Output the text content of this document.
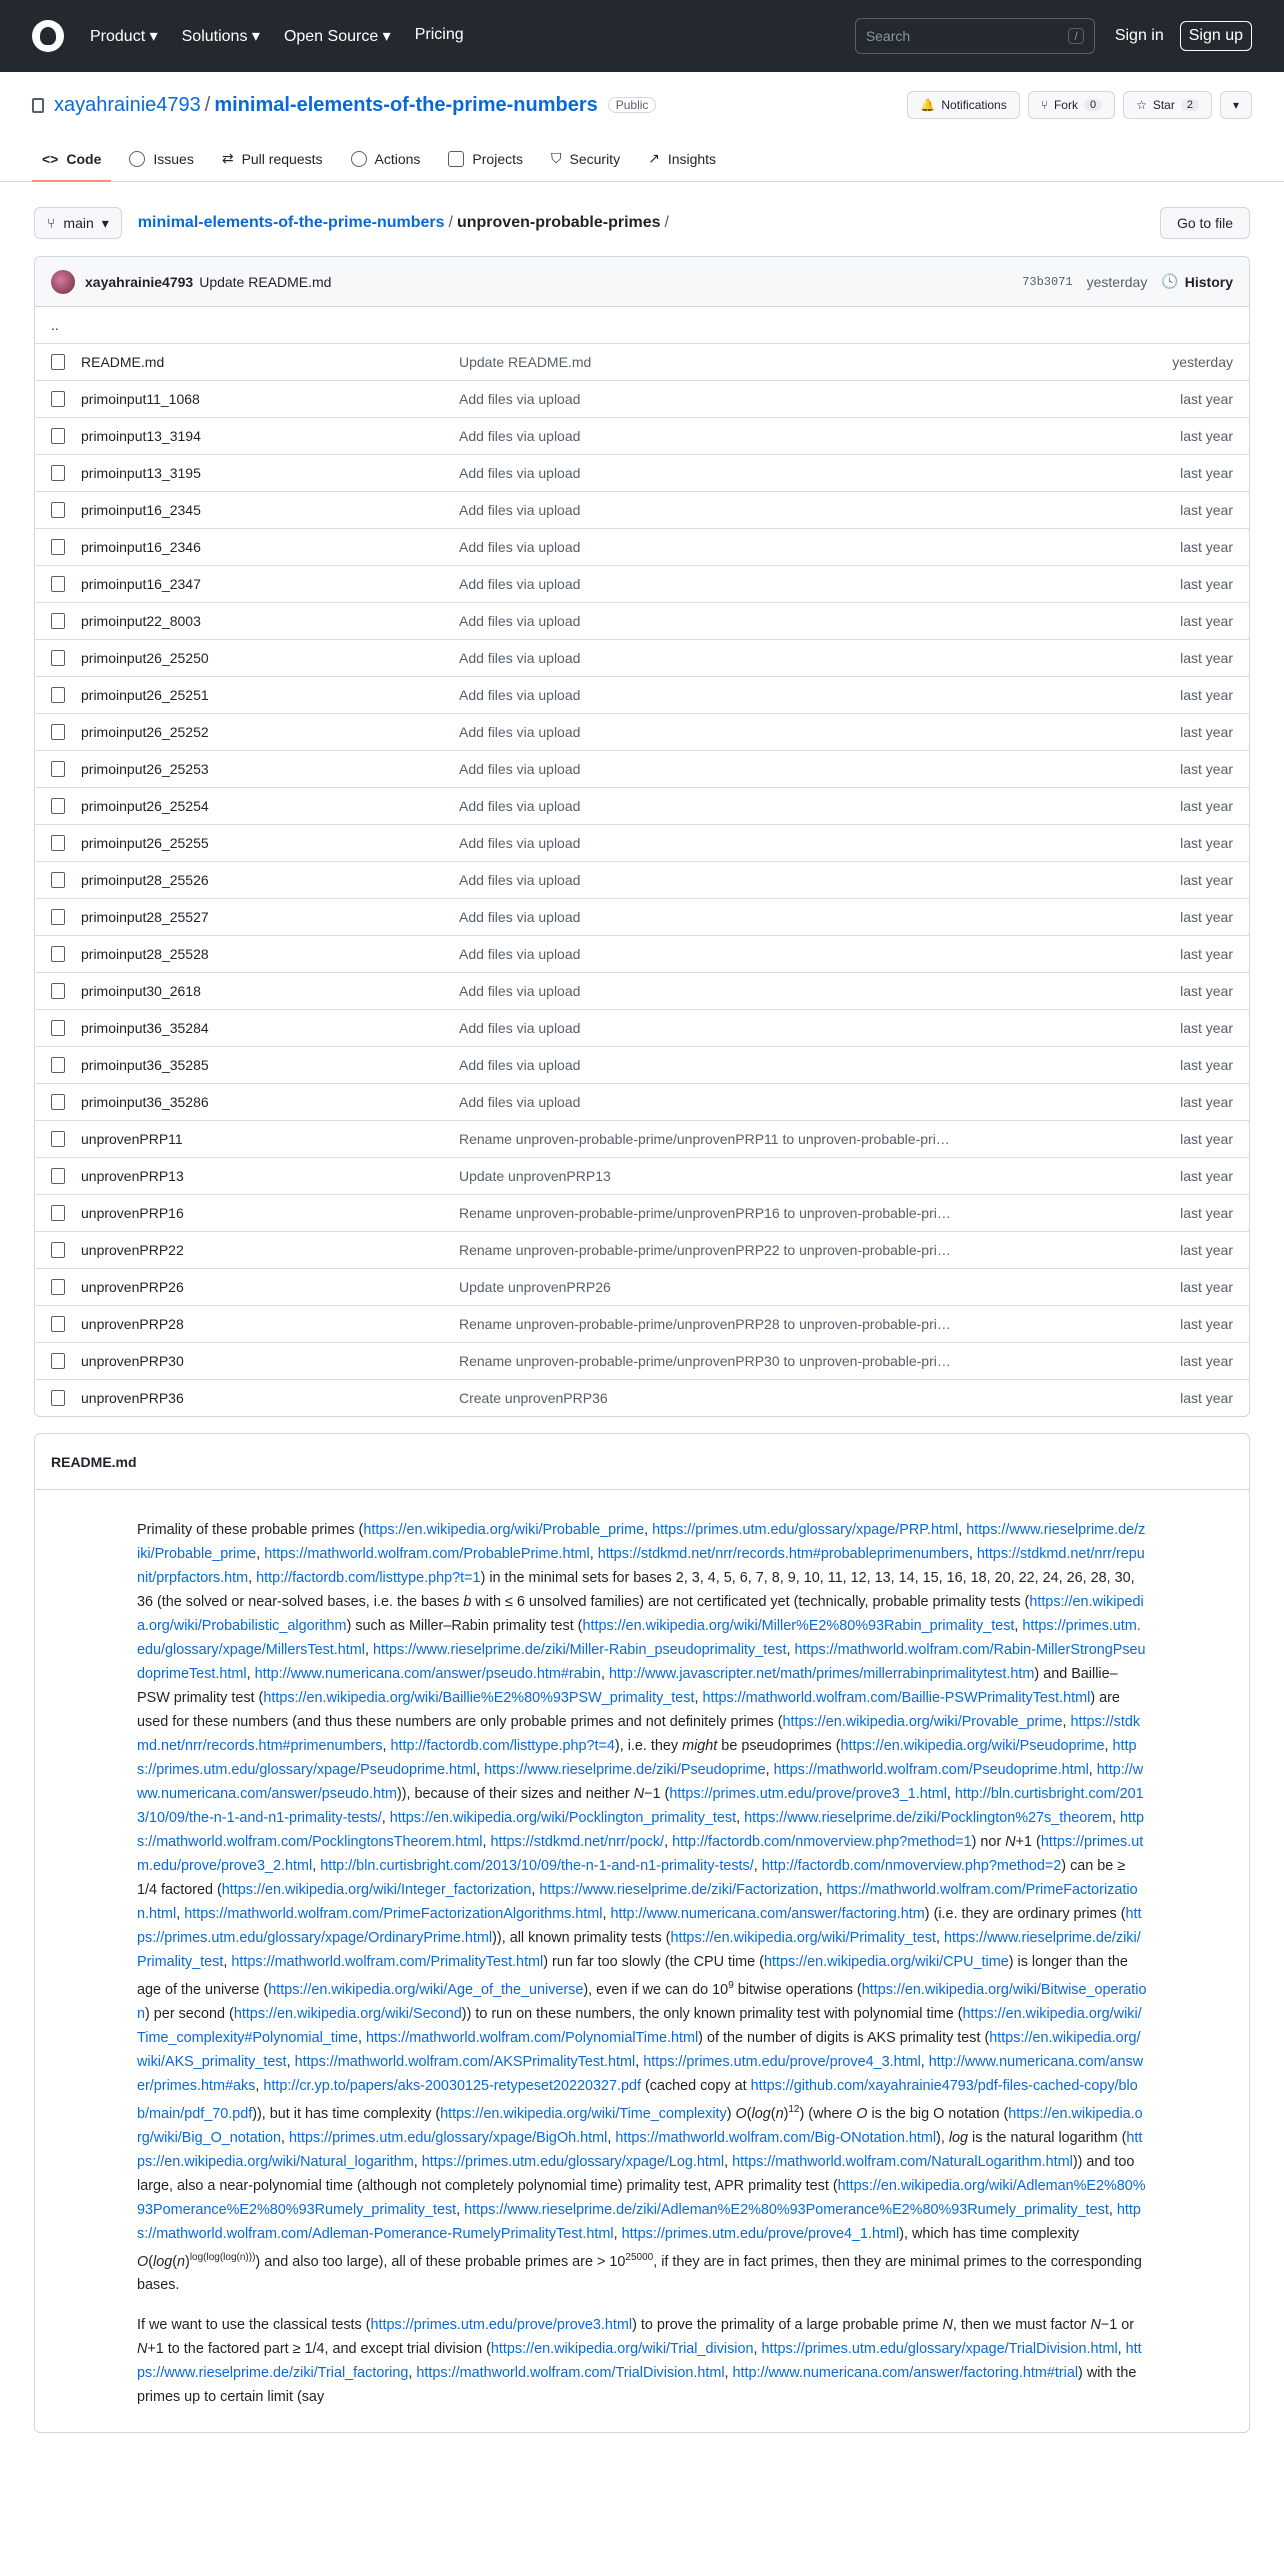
Product ▾ Solutions ▾ Open Source ▾ Pricing	Search	/	Sign in	Sign up
xayahrainie4793 / minimal-elements-of-the-prime-numbers	Public	🔔 Notifications	⑂ Fork	0	☆ Star	2	▾
<> Code	Issues ⇄ Pull requests	Actions	Projects ⛉ Security ↗ Insights
⑂ main ▾ minimal-elements-of-the-prime-numbers / unproven-probable-primes /	Go to file
xayahrainie4793 Update README.md	73b3071 yesterday 🕓 History
..
README.md	Update README.md	yesterday
primoinput11_1068	Add files via upload	last year
primoinput13_3194	Add files via upload	last year
primoinput13_3195	Add files via upload	last year
primoinput16_2345	Add files via upload	last year
primoinput16_2346	Add files via upload	last year
primoinput16_2347	Add files via upload	last year
primoinput22_8003	Add files via upload	last year
primoinput26_25250	Add files via upload	last year
primoinput26_25251	Add files via upload	last year
primoinput26_25252	Add files via upload	last year
primoinput26_25253	Add files via upload	last year
primoinput26_25254	Add files via upload	last year
primoinput26_25255	Add files via upload	last year
primoinput28_25526	Add files via upload	last year
primoinput28_25527	Add files via upload	last year
primoinput28_25528	Add files via upload	last year
primoinput30_2618	Add files via upload	last year
primoinput36_35284	Add files via upload	last year
primoinput36_35285	Add files via upload	last year
primoinput36_35286	Add files via upload	last year
unprovenPRP11	Rename unproven-probable-prime/unprovenPRP11 to unproven-probable-pri…	last year
unprovenPRP13	Update unprovenPRP13	last year
unprovenPRP16	Rename unproven-probable-prime/unprovenPRP16 to unproven-probable-pri…	last year
unprovenPRP22	Rename unproven-probable-prime/unprovenPRP22 to unproven-probable-pri…	last year
unprovenPRP26	Update unprovenPRP26	last year
unprovenPRP28	Rename unproven-probable-prime/unprovenPRP28 to unproven-probable-pri…	last year
unprovenPRP30	Rename unproven-probable-prime/unprovenPRP30 to unproven-probable-pri…	last year
unprovenPRP36	Create unprovenPRP36	last year
README.md

Primality of these probable primes (https://en.wikipedia.org/wiki/Probable_prime, https://primes.utm.edu/glossary/xpage/PRP.html, https://www.rieselprime.de/ziki/Probable_prime, https://mathworld.wolfram.com/ProbablePrime.html, https://stdkmd.net/nrr/records.htm#probableprimenumbers, https://stdkmd.net/nrr/repunit/prpfactors.htm, http://factordb.com/listtype.php?t=1) in the minimal sets for bases 2, 3, 4, 5, 6, 7, 8, 9, 10, 11, 12, 13, 14, 15, 16, 18, 20, 22, 24, 26, 28, 30, 36 (the solved or near-solved bases, i.e. the bases b with ≤ 6 unsolved families) are not certificated yet (technically, probable primality tests (https://en.wikipedia.org/wiki/Probabilistic_algorithm) such as Miller–Rabin primality test (https://en.wikipedia.org/wiki/Miller%E2%80%93Rabin_primality_test, https://primes.utm.edu/glossary/xpage/MillersTest.html, https://www.rieselprime.de/ziki/Miller-Rabin_pseudoprimality_test, https://mathworld.wolfram.com/Rabin-MillerStrongPseudoprimeTest.html, http://www.numericana.com/answer/pseudo.htm#rabin, http://www.javascripter.net/math/primes/millerrabinprimalitytest.htm) and Baillie–PSW primality test (https://en.wikipedia.org/wiki/Baillie%E2%80%93PSW_primality_test, https://mathworld.wolfram.com/Baillie-PSWPrimalityTest.html) are used for these numbers (and thus these numbers are only probable primes and not definitely primes (https://en.wikipedia.org/wiki/Provable_prime, https://stdkmd.net/nrr/records.htm#primenumbers, http://factordb.com/listtype.php?t=4), i.e. they might be pseudoprimes (https://en.wikipedia.org/wiki/Pseudoprime, https://primes.utm.edu/glossary/xpage/Pseudoprime.html, https://www.rieselprime.de/ziki/Pseudoprime, https://mathworld.wolfram.com/Pseudoprime.html, http://www.numericana.com/answer/pseudo.htm)), because of their sizes and neither N−1 (https://primes.utm.edu/prove/prove3_1.html, http://bln.curtisbright.com/2013/10/09/the-n-1-and-n1-primality-tests/, https://en.wikipedia.org/wiki/Pocklington_primality_test, https://www.rieselprime.de/ziki/Pocklington%27s_theorem, https://mathworld.wolfram.com/PocklingtonsTheorem.html, https://stdkmd.net/nrr/pock/, http://factordb.com/nmoverview.php?method=1) nor N+1 (https://primes.utm.edu/prove/prove3_2.html, http://bln.curtisbright.com/2013/10/09/the-n-1-and-n1-primality-tests/, http://factordb.com/nmoverview.php?method=2) can be ≥ 1/4 factored (https://en.wikipedia.org/wiki/Integer_factorization, https://www.rieselprime.de/ziki/Factorization, https://mathworld.wolfram.com/PrimeFactorization.html, https://mathworld.wolfram.com/PrimeFactorizationAlgorithms.html, http://www.numericana.com/answer/factoring.htm) (i.e. they are ordinary primes (https://primes.utm.edu/glossary/xpage/OrdinaryPrime.html)), all known primality tests (https://en.wikipedia.org/wiki/Primality_test, https://www.rieselprime.de/ziki/Primality_test, https://mathworld.wolfram.com/PrimalityTest.html) run far too slowly (the CPU time (https://en.wikipedia.org/wiki/CPU_time) is longer than the age of the universe (https://en.wikipedia.org/wiki/Age_of_the_universe), even if we can do $10^9$ bitwise operations (https://en.wikipedia.org/wiki/Bitwise_operation) per second (https://en.wikipedia.org/wiki/Second)) to run on these numbers, the only known primality test with polynomial time (https://en.wikipedia.org/wiki/Time_complexity#Polynomial_time, https://mathworld.wolfram.com/PolynomialTime.html) of the number of digits is AKS primality test (https://en.wikipedia.org/wiki/AKS_primality_test, https://mathworld.wolfram.com/AKSPrimalityTest.html, https://primes.utm.edu/prove/prove4_3.html, http://www.numericana.com/answer/primes.htm#aks, http://cr.yp.to/papers/aks-20030125-retypeset20220327.pdf (cached copy at https://github.com/xayahrainie4793/pdf-files-cached-copy/blob/main/pdf_70.pdf)), but it has time complexity (https://en.wikipedia.org/wiki/Time_complexity) $O(\log(n)^{12})$ (where O is the big O notation (https://en.wikipedia.org/wiki/Big_O_notation, https://primes.utm.edu/glossary/xpage/BigOh.html, https://mathworld.wolfram.com/Big-ONotation.html), log is the natural logarithm (https://en.wikipedia.org/wiki/Natural_logarithm, https://primes.utm.edu/glossary/xpage/Log.html, https://mathworld.wolfram.com/NaturalLogarithm.html)) and too large, also a near-polynomial time (although not completely polynomial time) primality test, APR primality test (https://en.wikipedia.org/wiki/Adleman%E2%80%93Pomerance%E2%80%93Rumely_primality_test, https://www.rieselprime.de/ziki/Adleman%E2%80%93Pomerance%E2%80%93Rumely_primality_test, https://mathworld.wolfram.com/Adleman-Pomerance-RumelyPrimalityTest.html, https://primes.utm.edu/prove/prove4_1.html), which has time complexity $O(\log(n)^{log(log(log(n)))})$ and also too large), all of these probable primes are > $10^{25000}$, if they are in fact primes, then they are minimal primes to the corresponding bases.

If we want to use the classical tests (https://primes.utm.edu/prove/prove3.html) to prove the primality of a large probable prime N, then we must factor N−1 or N+1 to the factored part ≥ 1/4, and except trial division (https://en.wikipedia.org/wiki/Trial_division, https://primes.utm.edu/glossary/xpage/TrialDivision.html, https://www.rieselprime.de/ziki/Trial_factoring, https://mathworld.wolfram.com/TrialDivision.html, http://www.numericana.com/answer/factoring.htm#trial) with the primes up to certain limit (say
